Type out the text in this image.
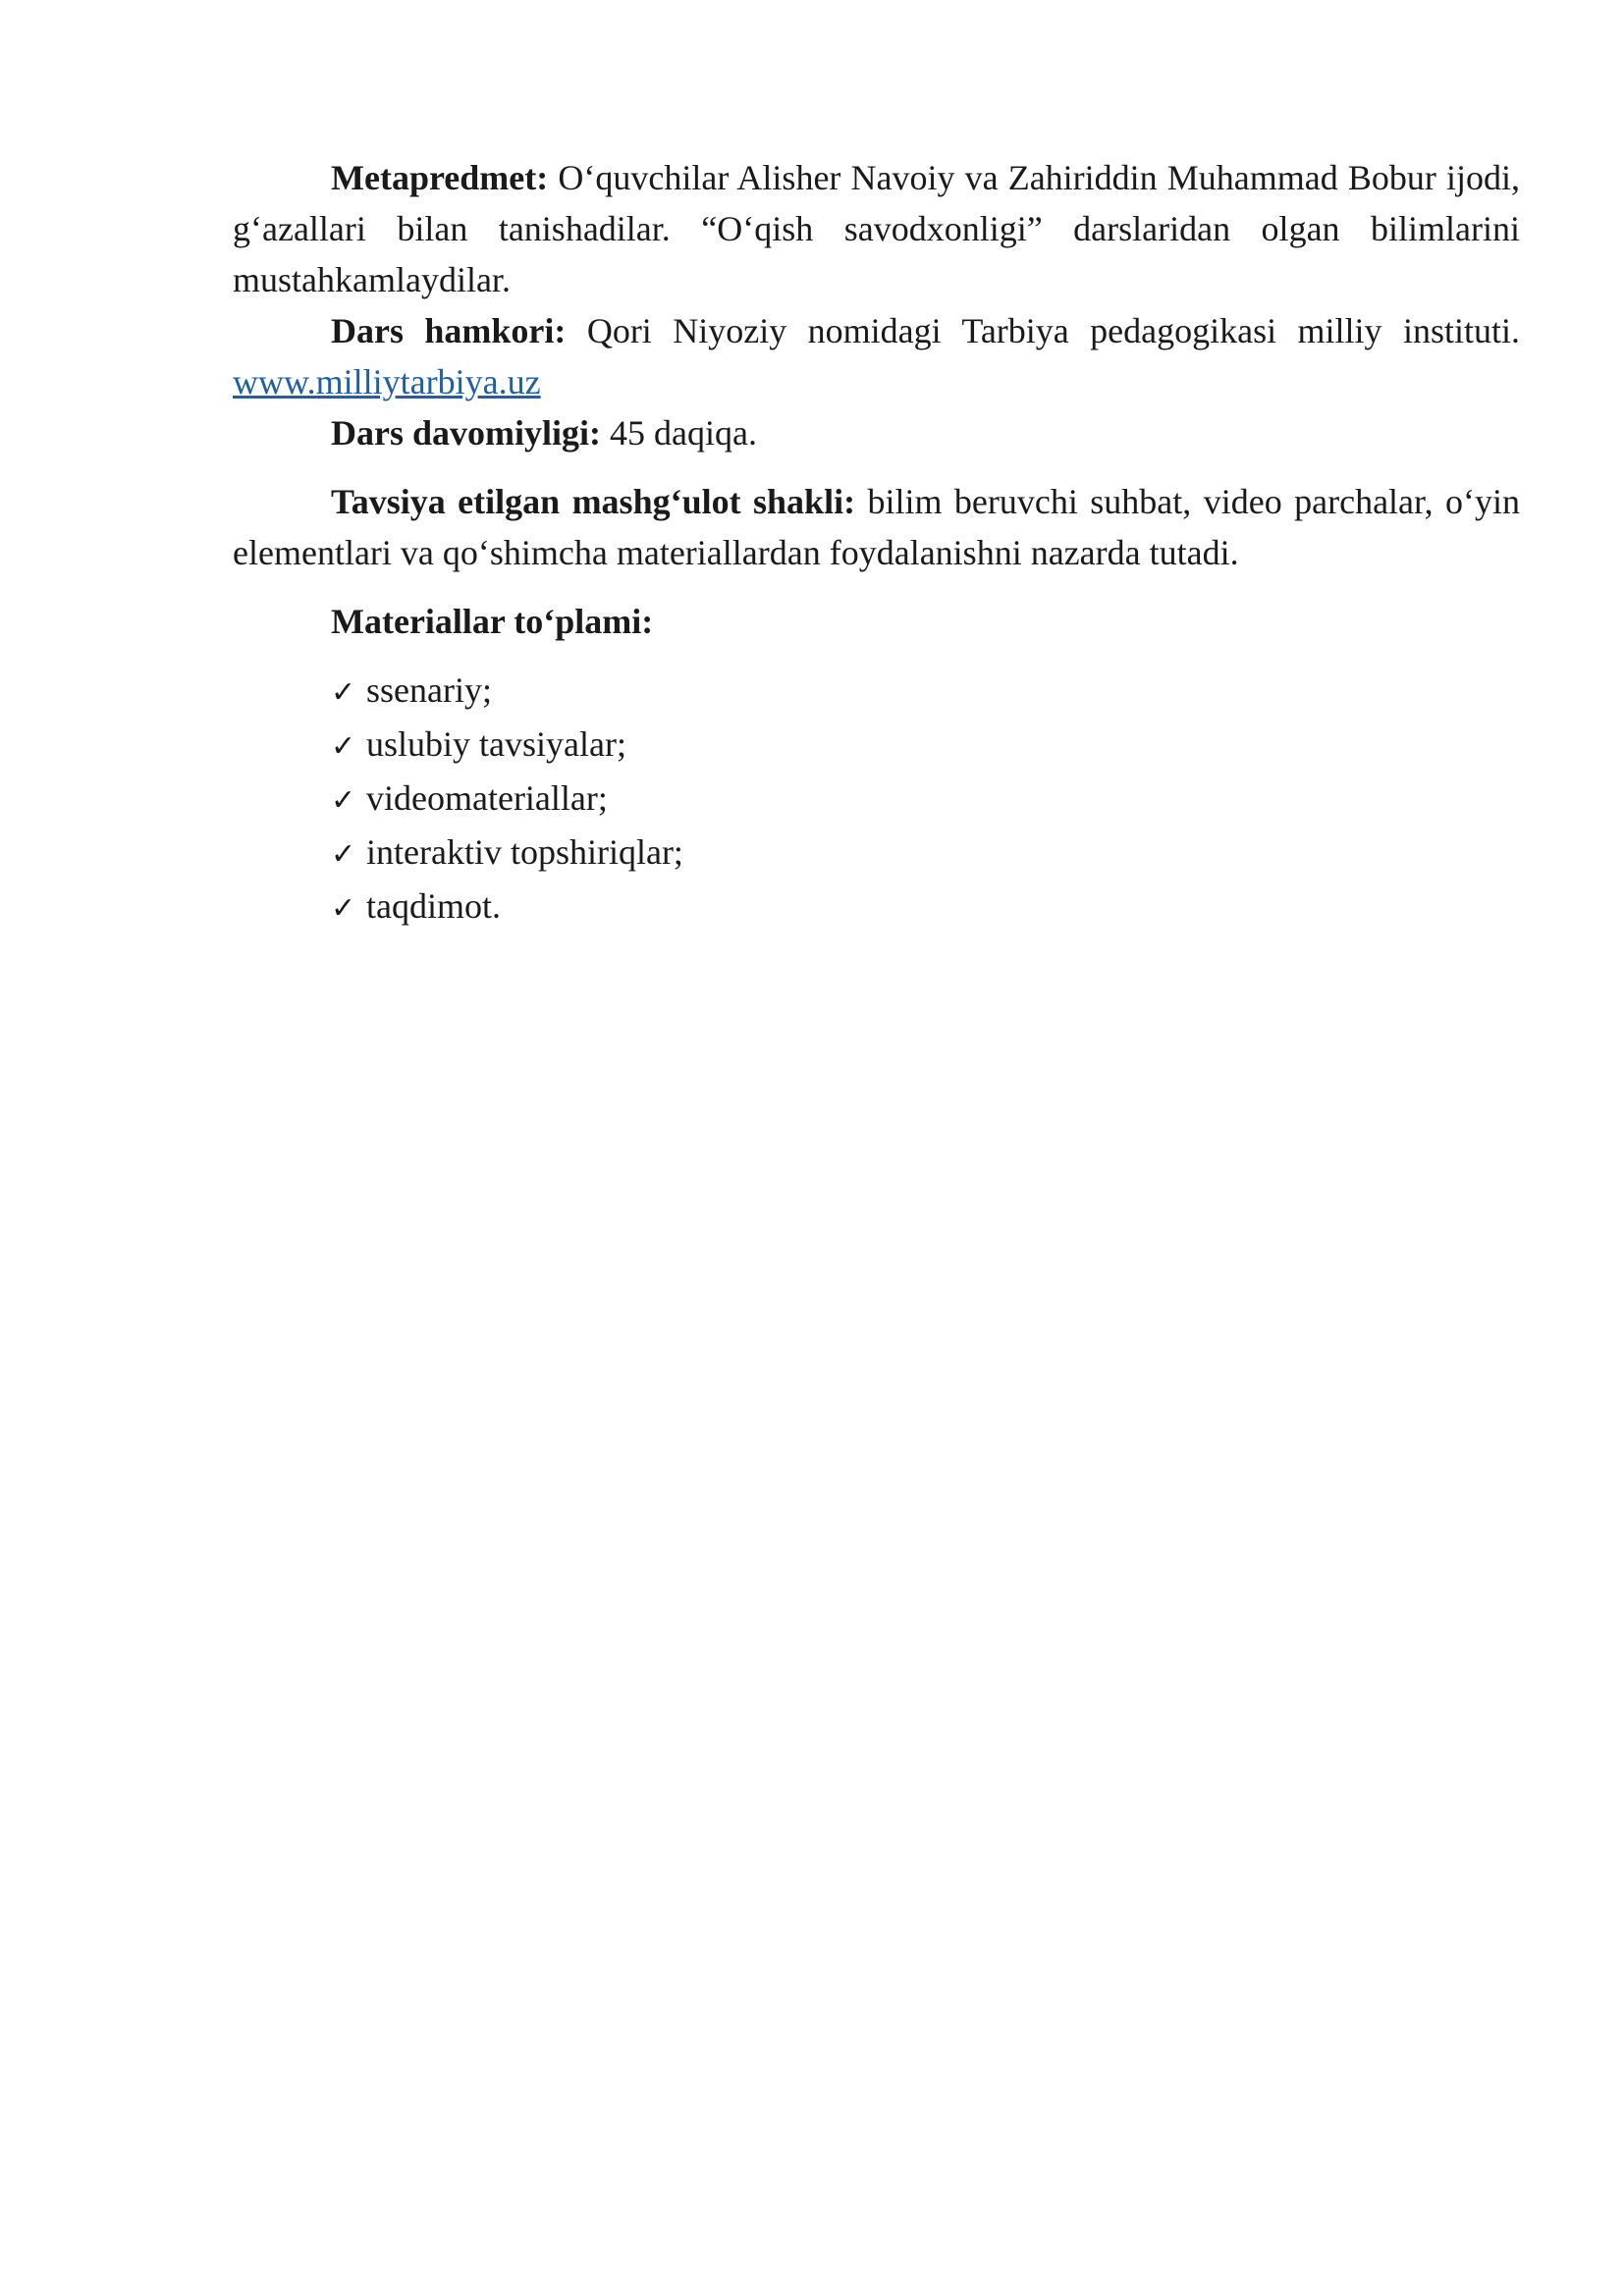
Metapredmet: O‘quvchilar Alisher Navoiy va Zahiriddin Muhammad Bobur ijodi, g‘azallari bilan tanishadilar. “O‘qish savodxonligi” darslaridan olgan bilimlarini mustahkamlaydilar.

Dars hamkori: Qori Niyoziy nomidagi Tarbiya pedagogikasi milliy instituti. www.milliytarbiya.uz

Dars davomiyligi: 45 daqiqa.

Tavsiya etilgan mashg‘ulot shakli: bilim beruvchi suhbat, video parchalar, o‘yin elementlari va qo‘shimcha materiallardan foydalanishni nazarda tutadi.

Materiallar to‘plami:

✓ ssenariy;
✓ uslubiy tavsiyalar;
✓ videomateriallar;
✓ interaktiv topshiriqlar;
✓ taqdimot.
